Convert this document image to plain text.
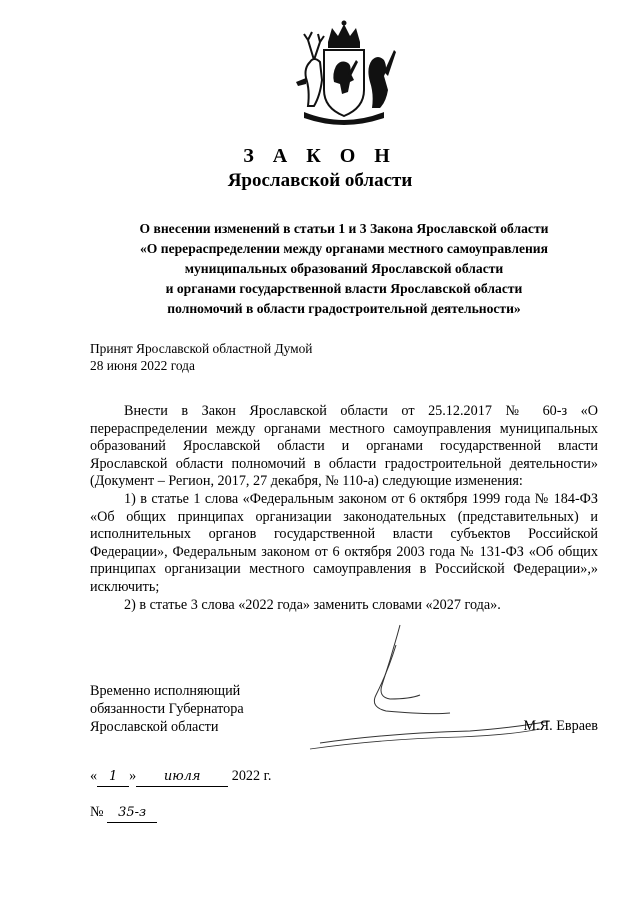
З А К О Н
Ярославской области
О внесении изменений в статьи 1 и 3 Закона Ярославской области
«О перераспределении между органами местного самоуправления
муниципальных образований Ярославской области
и органами государственной власти Ярославской области
полномочий в области градостроительной деятельности»
Принят Ярославской областной Думой
28 июня 2022 года

Внести в Закон Ярославской области от 25.12.2017 № 60-з «О перераспределении между органами местного самоуправления муниципальных образований Ярославской области и органами государственной власти Ярославской области полномочий в области градостроительной деятельности» (Документ – Регион, 2017, 27 декабря, № 110-а) следующие изменения:

1) в статье 1 слова «Федеральным законом от 6 октября 1999 года № 184-ФЗ «Об общих принципах организации законодательных (представительных) и исполнительных органов государственной власти субъектов Российской Федерации», Федеральным законом от 6 октября 2003 года № 131-ФЗ «Об общих принципах организации местного самоуправления в Российской Федерации»,» исключить;

2) в статье 3 слова «2022 года» заменить словами «2027 года».

Временно исполняющий
обязанности Губернатора
Ярославской области	М.Я. Евраев
« 1 » июля 2022 г.
№ 35-з
